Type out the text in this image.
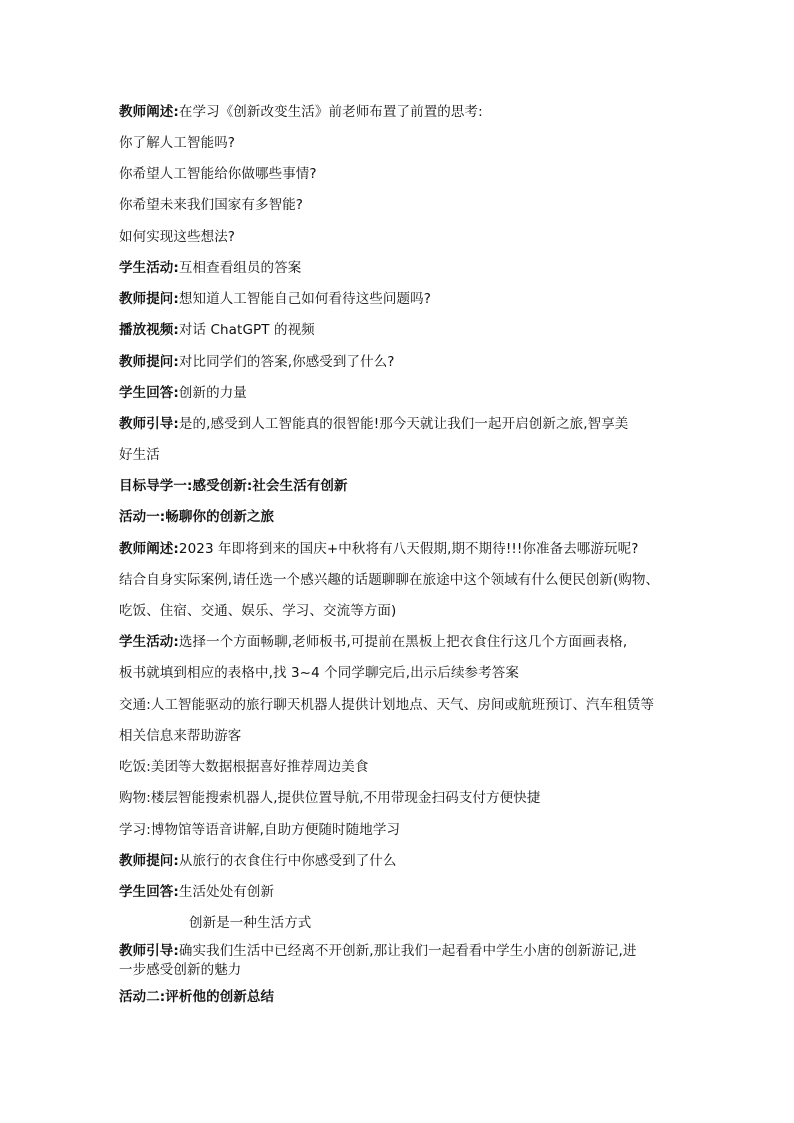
教师阐述:在学习《创新改变生活》前老师布置了前置的思考:
你了解人工智能吗?
你希望人工智能给你做哪些事情?
你希望未来我们国家有多智能?
如何实现这些想法?
学生活动:互相查看组员的答案
教师提问:想知道人工智能自己如何看待这些问题吗?
播放视频:对话 ChatGPT 的视频
教师提问:对比同学们的答案,你感受到了什么?
学生回答:创新的力量
教师引导:是的,感受到人工智能真的很智能!那今天就让我们一起开启创新之旅,智享美
好生活
目标导学一:感受创新:社会生活有创新
活动一:畅聊你的创新之旅
教师阐述:2023 年即将到来的国庆+中秋将有八天假期,期不期待!!!你准备去哪游玩呢?
结合自身实际案例,请任选一个感兴趣的话题聊聊在旅途中这个领域有什么便民创新(购物、
吃饭、住宿、交通、娱乐、学习、交流等方面)
学生活动:选择一个方面畅聊,老师板书,可提前在黑板上把衣食住行这几个方面画表格,
板书就填到相应的表格中,找 3~4 个同学聊完后,出示后续参考答案
交通:人工智能驱动的旅行聊天机器人提供计划地点、天气、房间或航班预订、汽车租赁等
相关信息来帮助游客
吃饭:美团等大数据根据喜好推荐周边美食
购物:楼层智能搜索机器人,提供位置导航,不用带现金扫码支付方便快捷
学习:博物馆等语音讲解,自助方便随时随地学习
教师提问:从旅行的衣食住行中你感受到了什么
学生回答:生活处处有创新
创新是一种生活方式
教师引导:确实我们生活中已经离不开创新,那让我们一起看看中学生小唐的创新游记,进
一步感受创新的魅力
活动二:评析他的创新总结
